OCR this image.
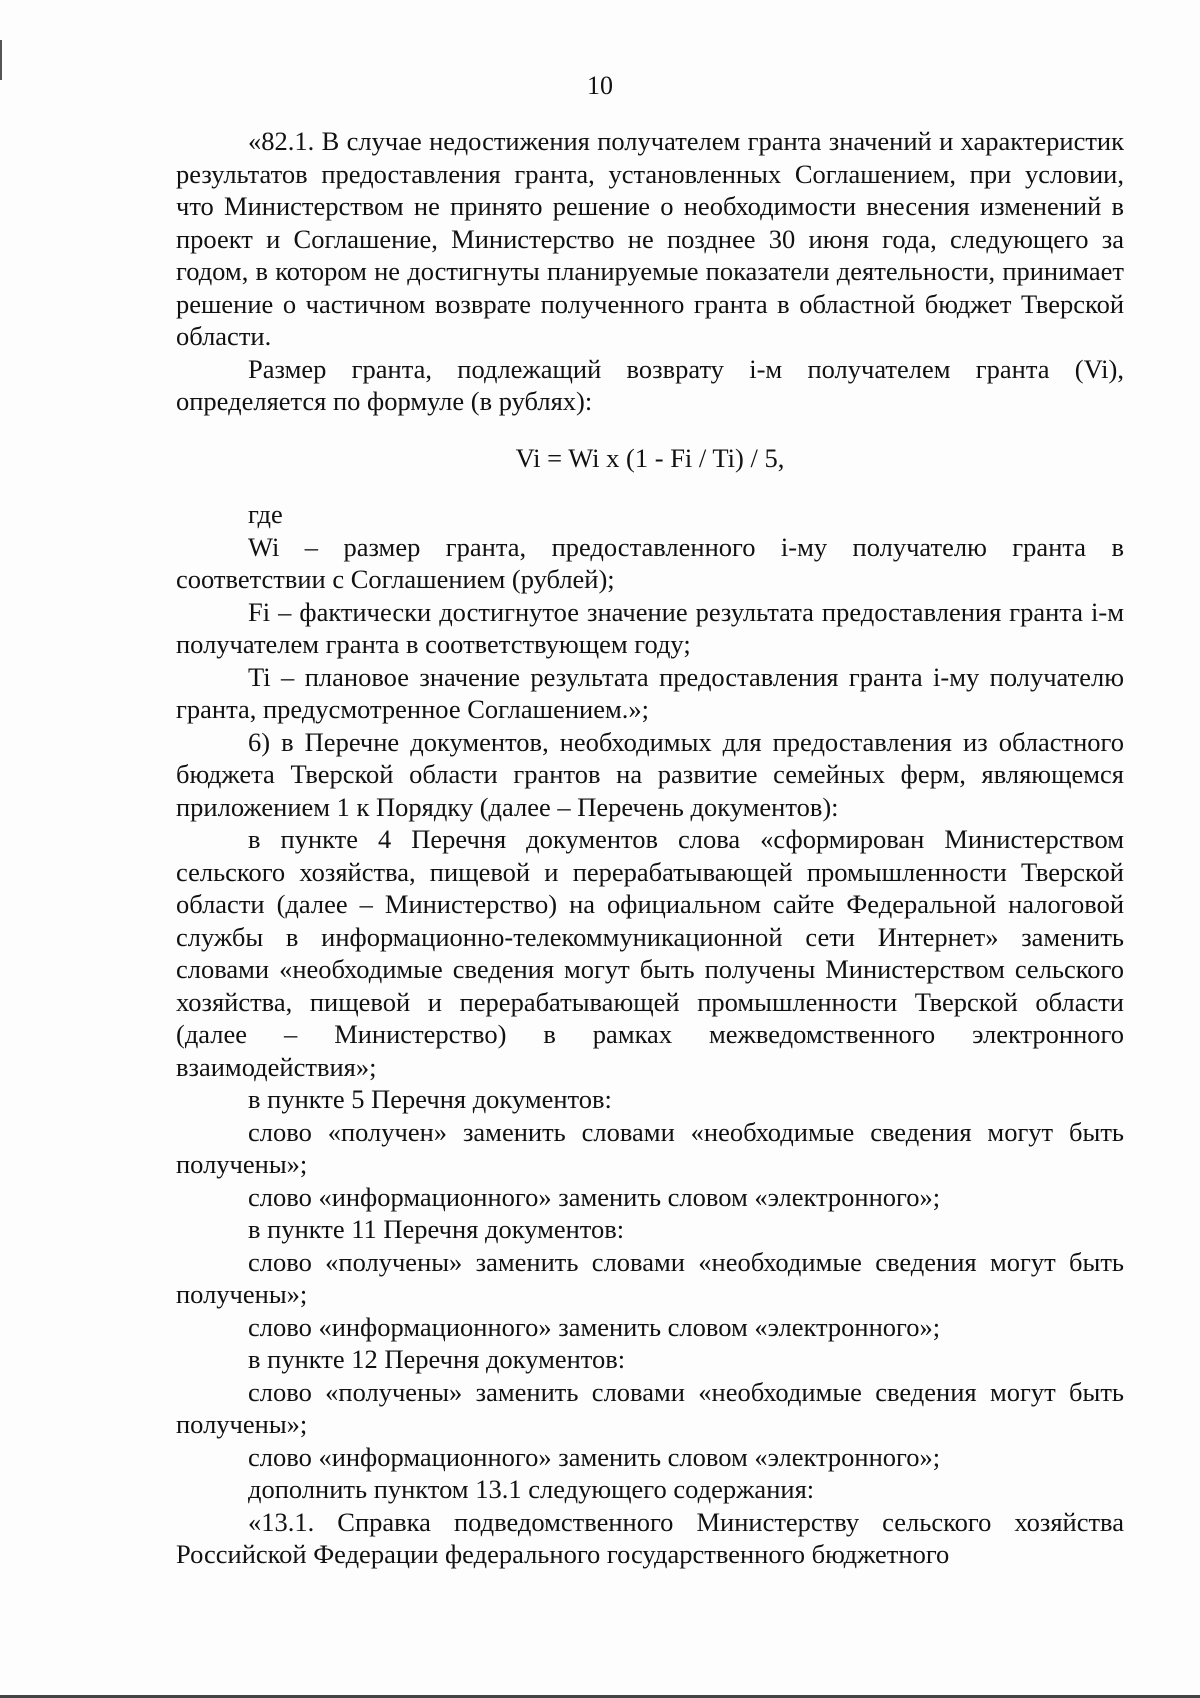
10

«82.1. В случае недостижения получателем гранта значений и характеристик результатов предоставления гранта, установленных Соглашением, при условии, что Министерством не принято решение о необходимости внесения изменений в проект и Соглашение, Министерство не позднее 30 июня года, следующего за годом, в котором не достигнуты планируемые показатели деятельности, принимает решение о частичном возврате полученного гранта в областной бюджет Тверской области.

Размер гранта, подлежащий возврату i-м получателем гранта (Vi), определяется по формуле (в рублях):

Vi = Wi x (1 - Fi / Ti) / 5,

где

Wi – размер гранта, предоставленного i-му получателю гранта в соответствии с Соглашением (рублей);

Fi – фактически достигнутое значение результата предоставления гранта i-м получателем гранта в соответствующем году;

Ti – плановое значение результата предоставления гранта i-му получателю гранта, предусмотренное Соглашением.»;

6) в Перечне документов, необходимых для предоставления из областного бюджета Тверской области грантов на развитие семейных ферм, являющемся приложением 1 к Порядку (далее – Перечень документов):

в пункте 4 Перечня документов слова «сформирован Министерством сельского хозяйства, пищевой и перерабатывающей промышленности Тверской области (далее – Министерство) на официальном сайте Федеральной налоговой службы в информационно-телекоммуникационной сети Интернет» заменить словами «необходимые сведения могут быть получены Министерством сельского хозяйства, пищевой и перерабатывающей промышленности Тверской области (далее – Министерство) в рамках межведомственного электронного взаимодействия»;

в пункте 5 Перечня документов:

слово «получен» заменить словами «необходимые сведения могут быть получены»;

слово «информационного» заменить словом «электронного»;

в пункте 11 Перечня документов:

слово «получены» заменить словами «необходимые сведения могут быть получены»;

слово «информационного» заменить словом «электронного»;

в пункте 12 Перечня документов:

слово «получены» заменить словами «необходимые сведения могут быть получены»;

слово «информационного» заменить словом «электронного»;

дополнить пунктом 13.1 следующего содержания:

«13.1. Справка подведомственного Министерству сельского хозяйства Российской Федерации федерального государственного бюджетного
